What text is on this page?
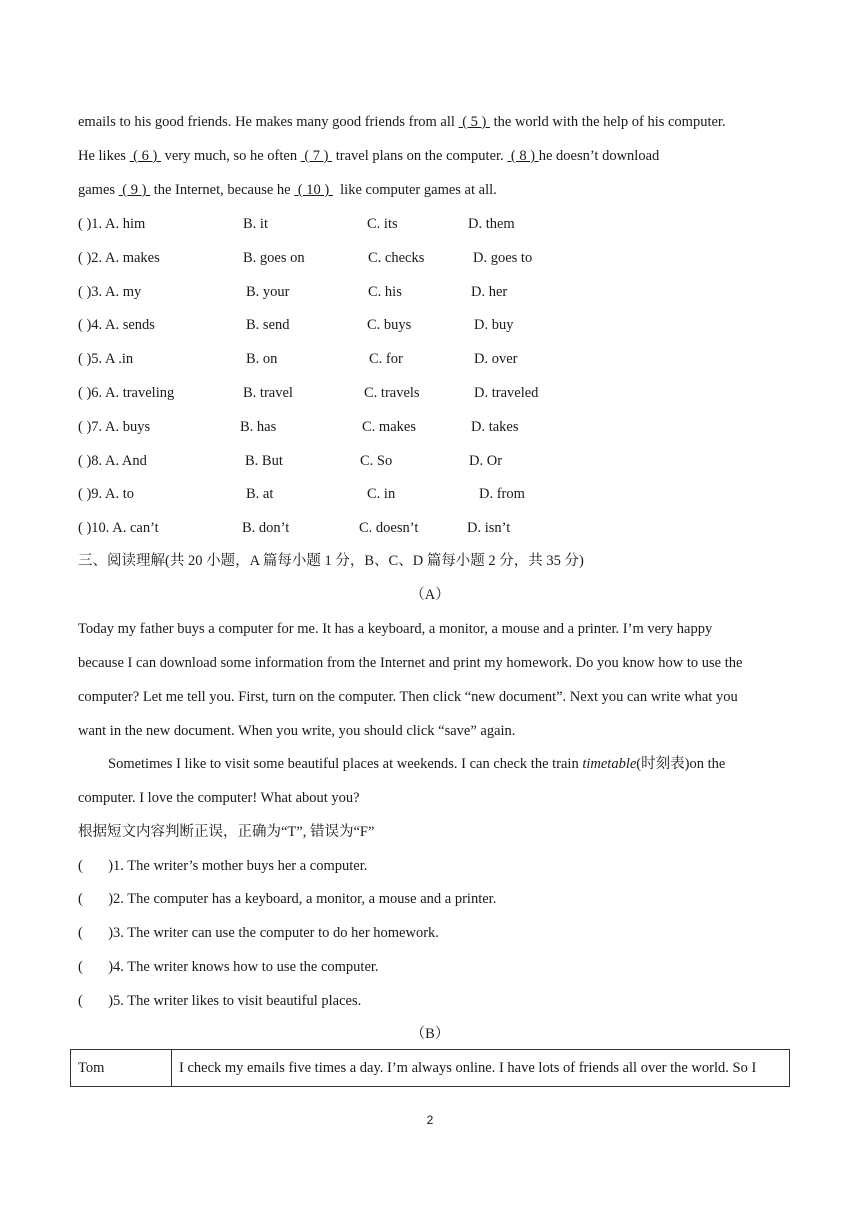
emails to his good friends. He makes many good friends from all  ( 5 )  the world with the help of his computer.
He likes  ( 6 )  very much, so he often  ( 7 )  travel plans on the computer.  ( 8 ) he doesn’t download
games  ( 9 )  the Internet, because he  ( 10 )   like computer games at all.
( )1. A. him	B. it	C. its	D. them
( )2. A. makes	B. goes on	C. checks	D. goes to
( )3. A. my	B. your	C. his	D. her
( )4. A. sends	B. send	C. buys	D. buy
( )5. A .in	B. on	C. for	D. over
( )6. A. traveling	B. travel	C. travels	D. traveled
( )7. A. buys	B. has	C. makes	D. takes
( )8. A. And	B. But	C. So	D. Or
( )9. A. to	B. at	C. in	D. from
( )10. A. can’t	B. don’t	C. doesn’t	D. isn’t
三、阅读理解(共 20 小题，A 篇每小题 1 分，B、C、D 篇每小题 2 分，共 35 分)
（A）
Today my father buys a computer for me. It has a keyboard, a monitor, a mouse and a printer. I’m very happy
because I can download some information from the Internet and print my homework. Do you know how to use the
computer? Let me tell you. First, turn on the computer. Then click “new document”. Next you can write what you
want in the new document. When you write, you should click “save” again.
Sometimes I like to visit some beautiful places at weekends. I can check the train timetable(时刻表)on the
computer. I love the computer! What about you?
根据短文内容判断正误，正确为“T”, 错误为“F”
(       )1. The writer’s mother buys her a computer.
(       )2. The computer has a keyboard, a monitor, a mouse and a printer.
(       )3. The writer can use the computer to do her homework.
(       )4. The writer knows how to use the computer.
(       )5. The writer likes to visit beautiful places.
（B）
Tom	I check my emails five times a day. I’m always online. I have lots of friends all over the world. So I
2
